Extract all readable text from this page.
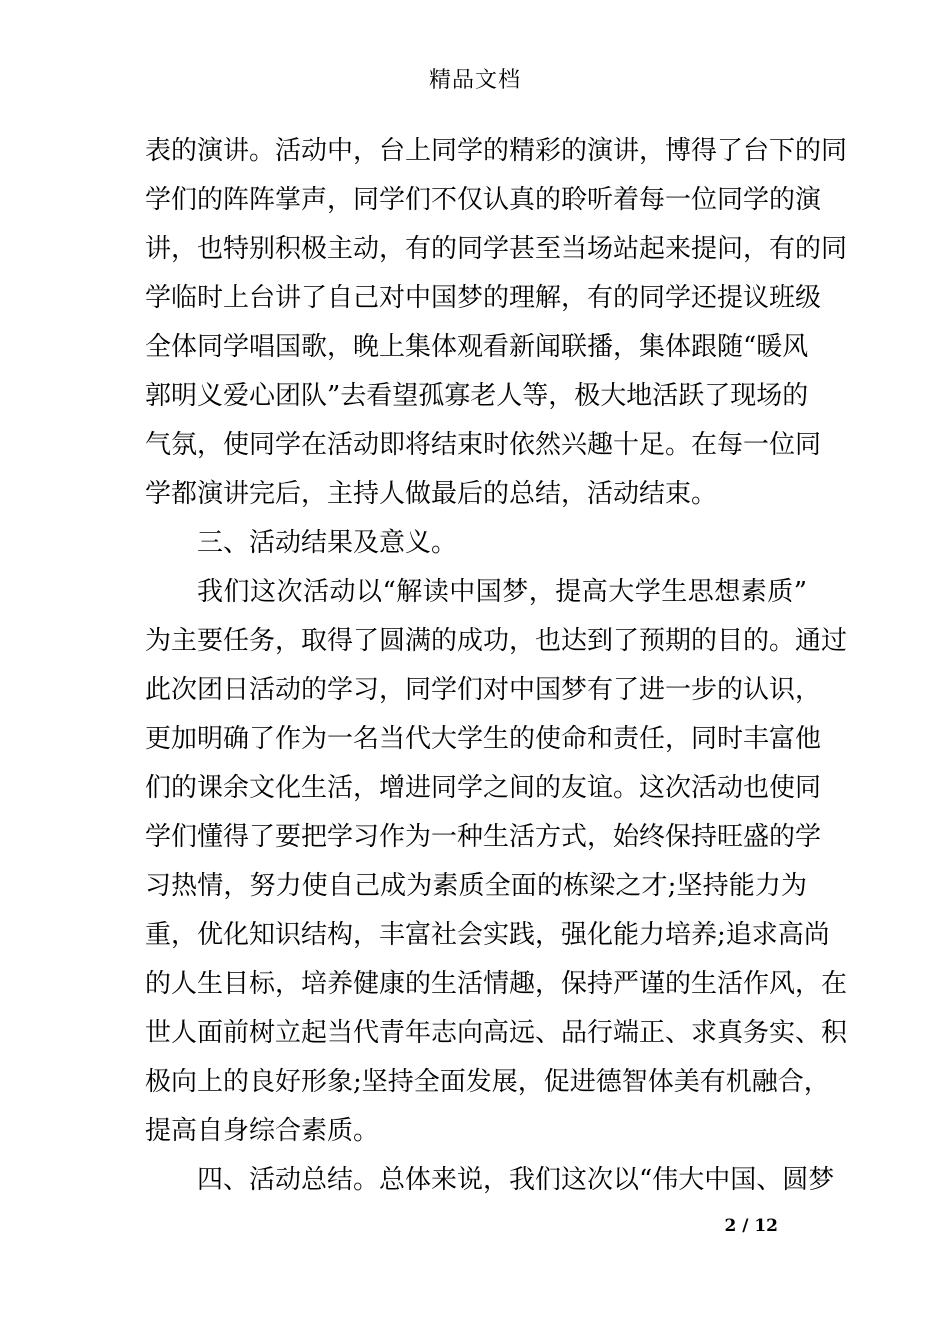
精品文档
表的演讲。活动中，台上同学的精彩的演讲，博得了台下的同
学们的阵阵掌声，同学们不仅认真的聆听着每一位同学的演
讲，也特别积极主动，有的同学甚至当场站起来提问，有的同
学临时上台讲了自己对中国梦的理解，有的同学还提议班级
全体同学唱国歌，晚上集体观看新闻联播，集体跟随“暖风
郭明义爱心团队”去看望孤寡老人等，极大地活跃了现场的
气氛，使同学在活动即将结束时依然兴趣十足。在每一位同
学都演讲完后，主持人做最后的总结，活动结束。
三、活动结果及意义。
我们这次活动以“解读中国梦，提高大学生思想素质”
为主要任务，取得了圆满的成功，也达到了预期的目的。通过
此次团日活动的学习，同学们对中国梦有了进一步的认识，
更加明确了作为一名当代大学生的使命和责任，同时丰富他
们的课余文化生活，增进同学之间的友谊。这次活动也使同
学们懂得了要把学习作为一种生活方式，始终保持旺盛的学
习热情，努力使自己成为素质全面的栋梁之才;坚持能力为
重，优化知识结构，丰富社会实践，强化能力培养;追求高尚
的人生目标，培养健康的生活情趣，保持严谨的生活作风，在
世人面前树立起当代青年志向高远、品行端正、求真务实、积
极向上的良好形象;坚持全面发展，促进德智体美有机融合，
提高自身综合素质。
四、活动总结。总体来说，我们这次以“伟大中国、圆梦
2 / 12
